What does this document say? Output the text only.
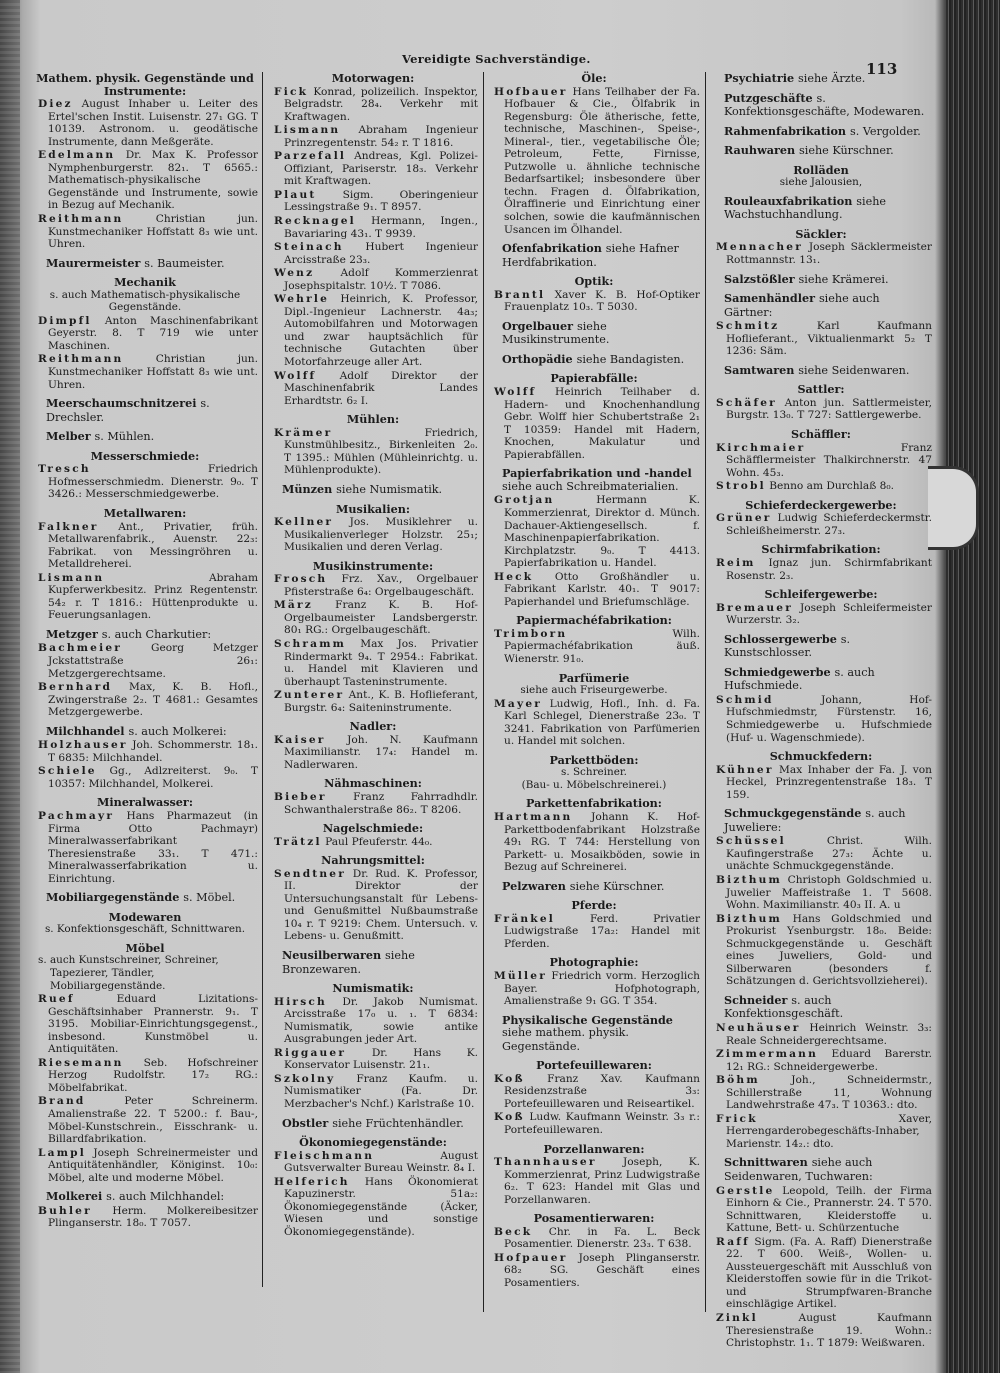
Vereidigte Sachverständige.
113
Mathem. physik. Gegenstände und Instrumente:
Diez August Inhaber u. Leiter des Ertel'schen Instit. Luisenstr. 27₁ GG. T 10139. Astronom. u. geodätische Instrumente, dann Meßgeräte.
Edelmann Dr. Max K. Professor Nymphenburgerstr. 82₁. T 6565.: Mathematisch-physikalische Gegenstände und Instrumente, sowie in Bezug auf Mechanik.
Reithmann	Christian jun. Kunstmechaniker Hoffstatt 8₃ wie unt. Uhren.
Maurermeister s. Baumeister.
Mechanik
s. auch Mathematisch-physikalische Gegenstände.
Dimpfl Anton Maschinenfabrikant Geyerstr. 8. T 719 wie unter Maschinen.
Reithmann	Christian jun. Kunstmechaniker Hoffstatt 8₃ wie unt. Uhren.
Meerschaumschnitzerei s. Drechsler.
Melber s. Mühlen.
Messerschmiede:
Tresch	Friedrich Hofmesserschmiedm. Dienerstr. 9₀. T 3426.: Messerschmiedgewerbe.
Metallwaren:
Falkner Ant., Privatier, früh. Metallwarenfabrik., Auenstr. 22₃: Fabrikat. von Messingröhren u. Metalldreherei.
Lismann	Abraham Kupferwerkbesitz. Prinz Regentenstr. 54₂ r. T 1816.: Hüttenprodukte u. Feuerungsanlagen.
Metzger s. auch Charkutier:
Bachmeier	Georg Metzger Jckstattstraße 26₁: Metzgergerechtsame.
Bernhard Max, K. B. Hofl., Zwingerstraße 2₂. T 4681.: Gesamtes Metzgergewerbe.
Milchhandel s. auch Molkerei:
Holzhauser Joh. Schommerstr. 18₁. T 6835: Milchhandel.
Schiele Gg., Adlzreiterst. 9₀. T 10357: Milchhandel, Molkerei.
Mineralwasser:
Pachmayr Hans Pharmazeut (in Firma Otto Pachmayr) Mineralwasserfabrikant Theresienstraße 33₁. T 471.: Mineralwasserfabrikation u. Einrichtung.
Mobiliargegenstände s. Möbel.
Modewaren
s. Konfektionsgeschäft, Schnittwaren.
Möbel
s. auch Kunstschreiner, Schreiner, Tapezierer, Tändler, Mobiliargegenstände.
Ruef	Eduard Lizitations-Geschäftsinhaber Prannerstr. 9₁. T 3195. Mobiliar-Einrichtungsgegenst., insbesond. Kunstmöbel u. Antiquitäten.
Riesemann Seb. Hofschreiner Herzog Rudolfstr. 17₂ RG.: Möbelfabrikat.
Brand	Peter Schreinerm. Amalienstraße 22. T 5200.: f. Bau-, Möbel-Kunstschrein., Eisschrank- u. Billardfabrikation.
Lampl Joseph Schreinermeister und Antiquitätenhändler, Königinst. 10₀: Möbel, alte und moderne Möbel.
Molkerei s. auch Milchhandel:
Buhler Herm. Molkereibesitzer Plinganserstr. 18₀. T 7057.
Motorwagen:
Fick Konrad, polizeilich. Inspektor, Belgradstr. 28₄. Verkehr mit Kraftwagen.
Lismann Abraham Ingenieur Prinzregentenstr. 54₂ r. T 1816.
Parzefall Andreas, Kgl. Polizei-Offiziant, Pariserstr. 18₃. Verkehr mit Kraftwagen.
Plaut Sigm. Oberingenieur Lessingstraße 9₁. T 8957.
Recknagel Hermann, Ingen., Bavariaring 43₁. T 9939.
Steinach Hubert Ingenieur Arcisstraße 23₃.
Wenz Adolf Kommerzienrat Josephspitalstr. 10½. T 7086.
Wehrle Heinrich, K. Professor, Dipl.-Ingenieur Lachnerstr. 4a₃; Automobilfahren und Motorwagen und zwar hauptsächlich für technische Gutachten über Motorfahrzeuge aller Art.
Wolff Adolf Direktor der Maschinenfabrik Landes Erhardtstr. 6₂ I.
Mühlen:
Krämer	Friedrich, Kunstmühlbesitz., Birkenleiten 2₀. T 1395.: Mühlen (Mühleinrichtg. u. Mühlenprodukte).
Münzen siehe Numismatik.
Musikalien:
Kellner Jos. Musiklehrer u. Musikalienverleger Holzstr. 25₁; Musikalien und deren Verlag.
Musikinstrumente:
Frosch Frz. Xav., Orgelbauer Pfisterstraße 6₄: Orgelbaugeschäft.
März Franz K. B. Hof-Orgelbaumeister Landsbergerstr. 80₁ RG.: Orgelbaugeschäft.
Schramm Max Jos. Privatier Rindermarkt 9₄. T 2954.: Fabrikat. u. Handel mit Klavieren und überhaupt Tasteninstrumente.
Zunterer Ant., K. B. Hoflieferant, Burgstr. 6₄: Saiteninstrumente.
Nadler:
Kaiser Joh. N. Kaufmann Maximilianstr. 17₄: Handel m. Nadlerwaren.
Nähmaschinen:
Bieber Franz Fahrradhdlr. Schwanthalerstraße 86₂. T 8206.
Nagelschmiede:
Trätzl Paul Pfeuferstr. 44₀.
Nahrungsmittel:
Sendtner Dr. Rud. K. Professor, II. Direktor der Untersuchungsanstalt für Lebens- und Genußmittel Nußbaumstraße 10₄ r. T 9219: Chem. Untersuch. v. Lebens- u. Genußmitt.
Neusilberwaren siehe Bronzewaren.
Numismatik:
Hirsch Dr. Jakob Numismat. Arcisstraße 17₀ u. ₁. T 6834: Numismatik, sowie antike Ausgrabungen jeder Art.
Riggauer Dr. Hans K. Konservator Luisenstr. 21₁.
Szkolny Franz Kaufm. u. Numismatiker (Fa. Dr. Merzbacher's Nchf.) Karlstraße 10.
Obstler siehe Früchtenhändler.
Ökonomiegegenstände:
Fleischmann	August Gutsverwalter Bureau Weinstr. 8₄ I.
Helferich Hans Ökonomierat Kapuzinerstr. 51a₂: Ökonomiegegenstände (Äcker, Wiesen und sonstige Ökonomiegegenstände).
Öle:
Hofbauer Hans Teilhaber der Fa. Hofbauer & Cie., Ölfabrik in Regensburg: Öle ätherische, fette, technische, Maschinen-, Speise-, Mineral-, tier., vegetabilische Öle; Petroleum, Fette, Firnisse, Putzwolle u. ähnliche technische Bedarfsartikel; insbesondere über techn. Fragen d. Ölfabrikation, Ölraffinerie und Einrichtung einer solchen, sowie die kaufmännischen Usancen im Ölhandel.
Ofenfabrikation siehe Hafner Herdfabrikation.
Optik:
Brantl Xaver K. B. Hof-Optiker Frauenplatz 10₃. T 5030.
Orgelbauer siehe Musikinstrumente.
Orthopädie siehe Bandagisten.
Papierabfälle:
Wolff Heinrich Teilhaber d. Hadern- und Knochenhandlung Gebr. Wolff hier Schubertstraße 2₁ T 10359: Handel mit Hadern, Knochen, Makulatur und Papierabfällen.
Papierfabrikation und -handel siehe auch Schreibmaterialien.
Grotjan	Hermann K. Kommerzienrat, Direktor d. Münch. Dachauer-Aktiengesellsch. f. Maschinenpapierfabrikation. Kirchplatzstr. 9₀. T 4413. Papierfabrikation u. Handel.
Heck Otto Großhändler u. Fabrikant Karlstr. 40₁. T 9017: Papierhandel und Briefumschläge.
Papiermachéfabrikation:
Trimborn	Wilh. Papiermachéfabrikation äuß. Wienerstr. 91₀.
Parfümerie
siehe auch Friseurgewerbe.
Mayer Ludwig, Hofl., Inh. d. Fa. Karl Schlegel, Dienerstraße 23₀. T 3241. Fabrikation von Parfümerien u. Handel mit solchen.
Parkettböden:
s. Schreiner.
(Bau- u. Möbelschreinerei.)
Parkettenfabrikation:
Hartmann Johann K. Hof-Parkettbodenfabrikant Holzstraße 49₁ RG. T 744: Herstellung von Parkett- u. Mosaikböden, sowie in Bezug auf Schreinerei.
Pelzwaren siehe Kürschner.
Pferde:
Fränkel	Ferd. Privatier Ludwigstraße 17a₂: Handel mit Pferden.
Photographie:
Müller Friedrich vorm. Herzoglich Bayer. Hofphotograph, Amalienstraße 9₁ GG. T 354.
Physikalische Gegenstände siehe mathem. physik. Gegenstände.
Portefeuillewaren:
Koß Franz Xav. Kaufmann Residenzstraße 3₃: Portefeuillewaren und Reiseartikel.
Koß Ludw. Kaufmann Weinstr. 3₃ r.: Portefeuillewaren.
Porzellanwaren:
Thannhauser Joseph, K. Kommerzienrat, Prinz Ludwigstraße 6₂. T 623: Handel mit Glas und Porzellanwaren.
Posamentierwaren:
Beck Chr. in Fa. L. Beck Posamentier. Dienerstr. 23₃. T 638.
Hofpauer Joseph Plinganserstr. 68₂ SG. Geschäft eines Posamentiers.
Psychiatrie siehe Ärzte.
Putzgeschäfte s. Konfektionsgeschäfte, Modewaren.
Rahmenfabrikation s. Vergolder.
Rauhwaren siehe Kürschner.
Rolläden
siehe Jalousien,
Rouleauxfabrikation siehe Wachstuchhandlung.
Säckler:
Mennacher Joseph Säcklermeister Rottmannstr. 13₁.
Salzstößler siehe Krämerei.
Samenhändler siehe auch Gärtner:
Schmitz	Karl Kaufmann Hoflieferant., Viktualienmarkt 5₂ T 1236: Säm.
Samtwaren siehe Seidenwaren.
Sattler:
Schäfer Anton jun. Sattlermeister, Burgstr. 13₀. T 727: Sattlergewerbe.
Schäffler:
Kirchmaier	Franz Schäfflermeister Thalkirchnerstr. 47 Wohn. 45₃.
Strobl Benno am Durchlaß 8₀.
Schieferdeckergewerbe:
Grüner Ludwig Schieferdeckermstr. Schleißheimerstr. 27₃.
Schirmfabrikation:
Reim Ignaz jun. Schirmfabrikant Rosenstr. 2₃.
Schleifergewerbe:
Bremauer Joseph Schleifermeister Wurzerstr. 3₂.
Schlossergewerbe s. Kunstschlosser.
Schmiedgewerbe s. auch Hufschmiede.
Schmid	Johann, Hof-Hufschmiedmstr, Fürstenstr. 16, Schmiedgewerbe u. Hufschmiede (Huf- u. Wagenschmiede).
Schmuckfedern:
Kühner Max Inhaber der Fa. J. von Heckel, Prinzregentenstraße 18₃. T 159.
Schmuckgegenstände s. auch Juweliere:
Schüssel	Christ. Wilh. Kaufingerstraße 27₃: Ächte u. unächte Schmuckgegenstände.
Bizthum Christoph Goldschmied u. Juwelier Maffeistraße 1. T 5608. Wohn. Maximilianstr. 40₃ II. A. u
Bizthum Hans Goldschmied und Prokurist Ysenburgstr. 18₀. Beide: Schmuckgegenstände u. Geschäft eines Juweliers, Gold- und Silberwaren (besonders f. Schätzungen d. Gerichtsvollzieherei).
Schneider s. auch Konfektionsgeschäft.
Neuhäuser Heinrich Weinstr. 3₃: Reale Schneidergerechtsame.
Zimmermann Eduard Barerstr. 12₁ RG.: Schneidergewerbe.
Böhm	Joh., Schneidermstr., Schillerstraße 11, Wohnung Landwehrstraße 47₃. T 10363.: dto.
Frick	Xaver, Herrengarderobegeschäfts-Inhaber, Marienstr. 14₂.: dto.
Schnittwaren siehe auch Seidenwaren, Tuchwaren:
Gerstle Leopold, Teilh. der Firma Einhorn & Cie., Prannerstr. 24. T 570. Schnittwaren, Kleiderstoffe u. Kattune, Bett- u. Schürzentuche
Raff Sigm. (Fa. A. Raff) Dienerstraße 22. T 600. Weiß-, Wollen- u. Aussteuergeschäft mit Ausschluß von Kleiderstoffen sowie für in die Trikot- und Strumpfwaren-Branche einschlägige Artikel.
Zinkl	August Kaufmann Theresienstraße 19. Wohn.: Christophstr. 1₁. T 1879: Weißwaren.
